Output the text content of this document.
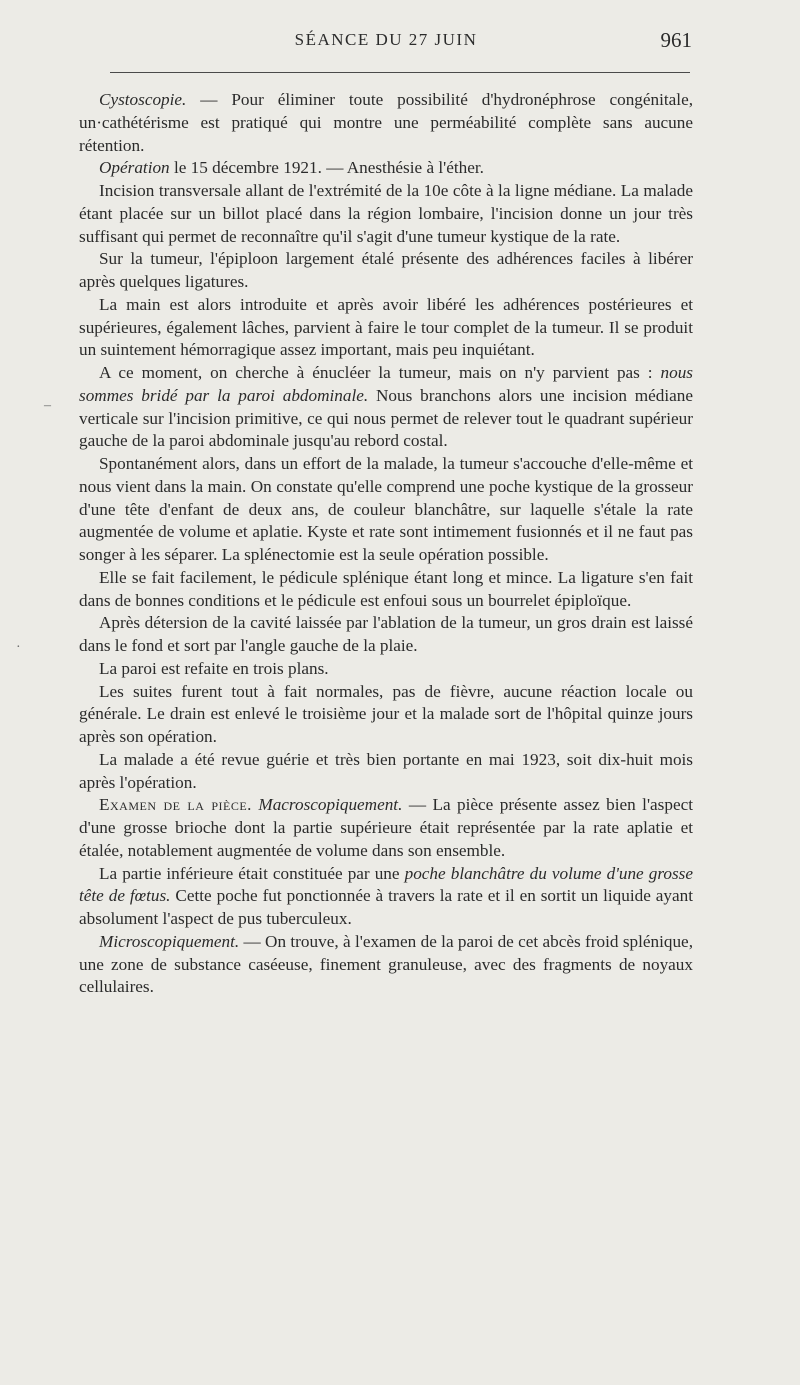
SÉANCE DU 27 JUIN	961

Cystoscopie. — Pour éliminer toute possibilité d'hydronéphrose congénitale, un·cathétérisme est pratiqué qui montre une perméabilité complète sans aucune rétention.

Opération le 15 décembre 1921. — Anesthésie à l'éther.

Incision transversale allant de l'extrémité de la 10e côte à la ligne médiane. La malade étant placée sur un billot placé dans la région lombaire, l'incision donne un jour très suffisant qui permet de reconnaître qu'il s'agit d'une tumeur kystique de la rate.

Sur la tumeur, l'épiploon largement étalé présente des adhérences faciles à libérer après quelques ligatures.

La main est alors introduite et après avoir libéré les adhérences postérieures et supérieures, également lâches, parvient à faire le tour complet de la tumeur. Il se produit un suintement hémorragique assez important, mais peu inquiétant.

A ce moment, on cherche à énucléer la tumeur, mais on n'y parvient pas : nous sommes bridé par la paroi abdominale. Nous branchons alors une incision médiane verticale sur l'incision primitive, ce qui nous permet de relever tout le quadrant supérieur gauche de la paroi abdominale jusqu'au rebord costal.

Spontanément alors, dans un effort de la malade, la tumeur s'accouche d'elle-même et nous vient dans la main. On constate qu'elle comprend une poche kystique de la grosseur d'une tête d'enfant de deux ans, de couleur blanchâtre, sur laquelle s'étale la rate augmentée de volume et aplatie. Kyste et rate sont intimement fusionnés et il ne faut pas songer à les séparer. La splénectomie est la seule opération possible.

Elle se fait facilement, le pédicule splénique étant long et mince. La ligature s'en fait dans de bonnes conditions et le pédicule est enfoui sous un bourrelet épiploïque.

Après détersion de la cavité laissée par l'ablation de la tumeur, un gros drain est laissé dans le fond et sort par l'angle gauche de la plaie.

La paroi est refaite en trois plans.

Les suites furent tout à fait normales, pas de fièvre, aucune réaction locale ou générale. Le drain est enlevé le troisième jour et la malade sort de l'hôpital quinze jours après son opération.

La malade a été revue guérie et très bien portante en mai 1923, soit dix-huit mois après l'opération.

Examen de la pièce. Macroscopiquement. — La pièce présente assez bien l'aspect d'une grosse brioche dont la partie supérieure était représentée par la rate aplatie et étalée, notablement augmentée de volume dans son ensemble.

La partie inférieure était constituée par une poche blanchâtre du volume d'une grosse tête de fœtus. Cette poche fut ponctionnée à travers la rate et il en sortit un liquide ayant absolument l'aspect de pus tuberculeux.

Microscopiquement. — On trouve, à l'examen de la paroi de cet abcès froid splénique, une zone de substance caséeuse, finement granuleuse, avec des fragments de noyaux cellulaires.

‒
·
